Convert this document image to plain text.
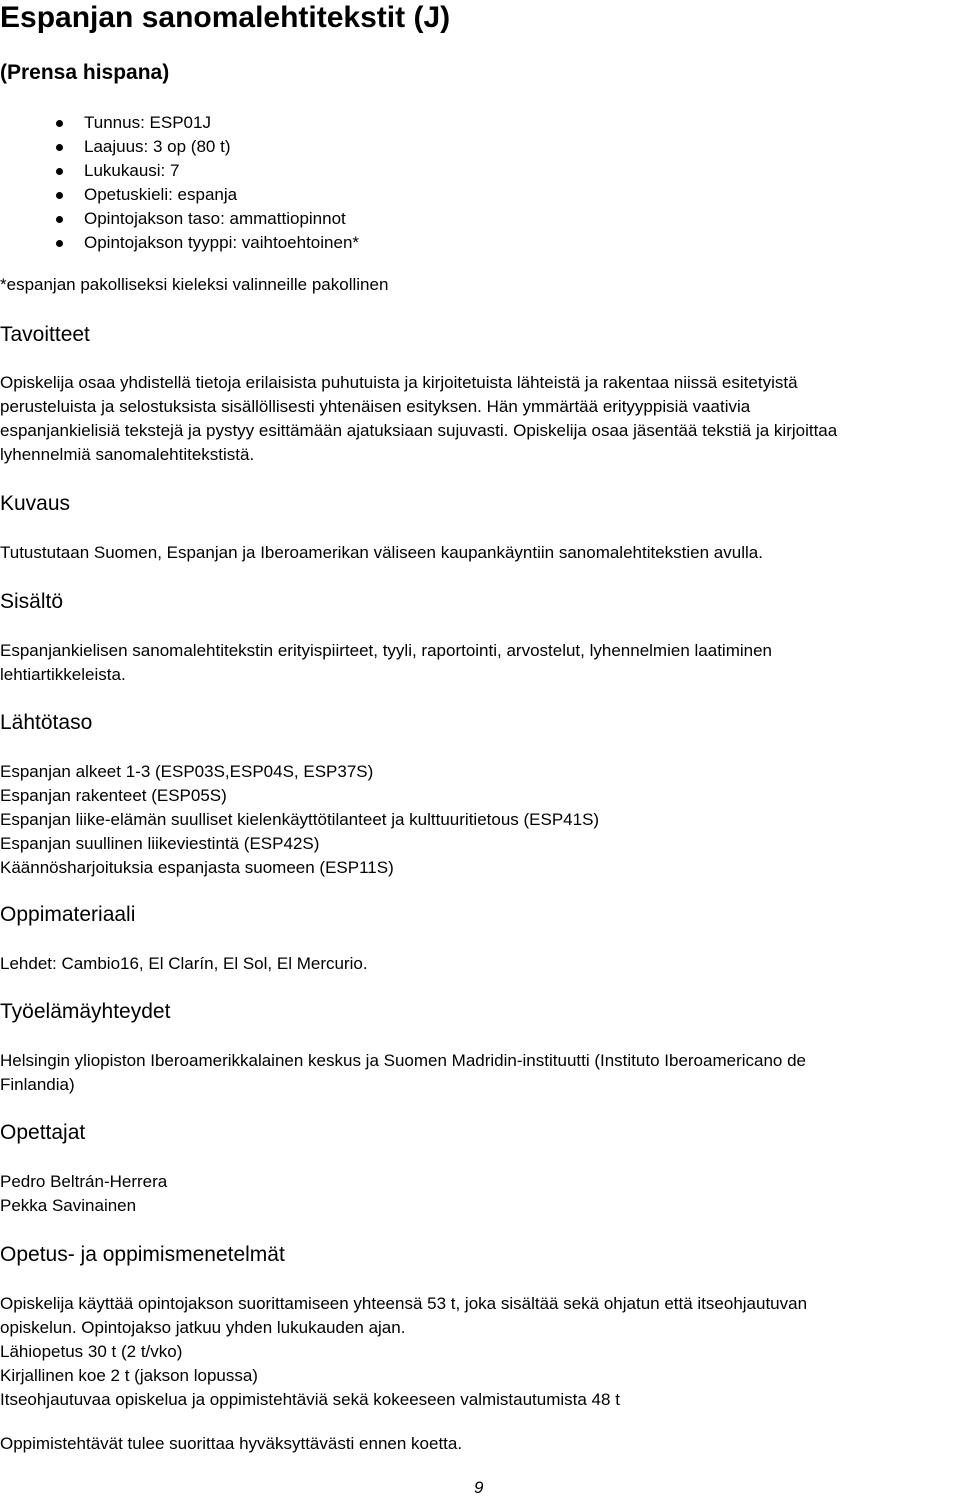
Espanjan sanomalehtitekstit (J)

(Prensa hispana)

Tunnus: ESP01J
Laajuus: 3 op (80 t)
Lukukausi: 7
Opetuskieli: espanja
Opintojakson taso: ammattiopinnot
Opintojakson tyyppi: vaihtoehtoinen*
*espanjan pakolliseksi kieleksi valinneille pakollinen
Tavoitteet
Opiskelija osaa yhdistellä tietoja erilaisista puhutuista ja kirjoitetuista lähteistä ja rakentaa niissä esitetyistä
perusteluista ja selostuksista sisällöllisesti yhtenäisen esityksen. Hän ymmärtää erityyppisiä vaativia
espanjankielisiä tekstejä ja pystyy esittämään ajatuksiaan sujuvasti. Opiskelija osaa jäsentää tekstiä ja kirjoittaa
lyhennelmiä sanomalehtitekstistä.
Kuvaus
Tutustutaan Suomen, Espanjan ja Iberoamerikan väliseen kaupankäyntiin sanomalehtitekstien avulla.
Sisältö
Espanjankielisen sanomalehtitekstin erityispiirteet, tyyli, raportointi, arvostelut, lyhennelmien laatiminen
lehtiartikkeleista.
Lähtötaso
Espanjan alkeet 1-3 (ESP03S,ESP04S, ESP37S)
Espanjan rakenteet (ESP05S)
Espanjan liike-elämän suulliset kielenkäyttötilanteet ja kulttuuritietous (ESP41S)
Espanjan suullinen liikeviestintä (ESP42S)
Käännösharjoituksia espanjasta suomeen (ESP11S)
Oppimateriaali
Lehdet: Cambio16, El Clarín, El Sol, El Mercurio.
Työelämäyhteydet
Helsingin yliopiston Iberoamerikkalainen keskus ja Suomen Madridin-instituutti (Instituto Iberoamericano de
Finlandia)
Opettajat
Pedro Beltrán-Herrera
Pekka Savinainen
Opetus- ja oppimismenetelmät
Opiskelija käyttää opintojakson suorittamiseen yhteensä 53 t, joka sisältää sekä ohjatun että itseohjautuvan
opiskelun. Opintojakso jatkuu yhden lukukauden ajan.
Lähiopetus 30 t (2 t/vko)
Kirjallinen koe 2 t (jakson lopussa)
Itseohjautuvaa opiskelua ja oppimistehtäviä sekä kokeeseen valmistautumista 48 t
Oppimistehtävät tulee suorittaa hyväksyttävästi ennen koetta.
9
